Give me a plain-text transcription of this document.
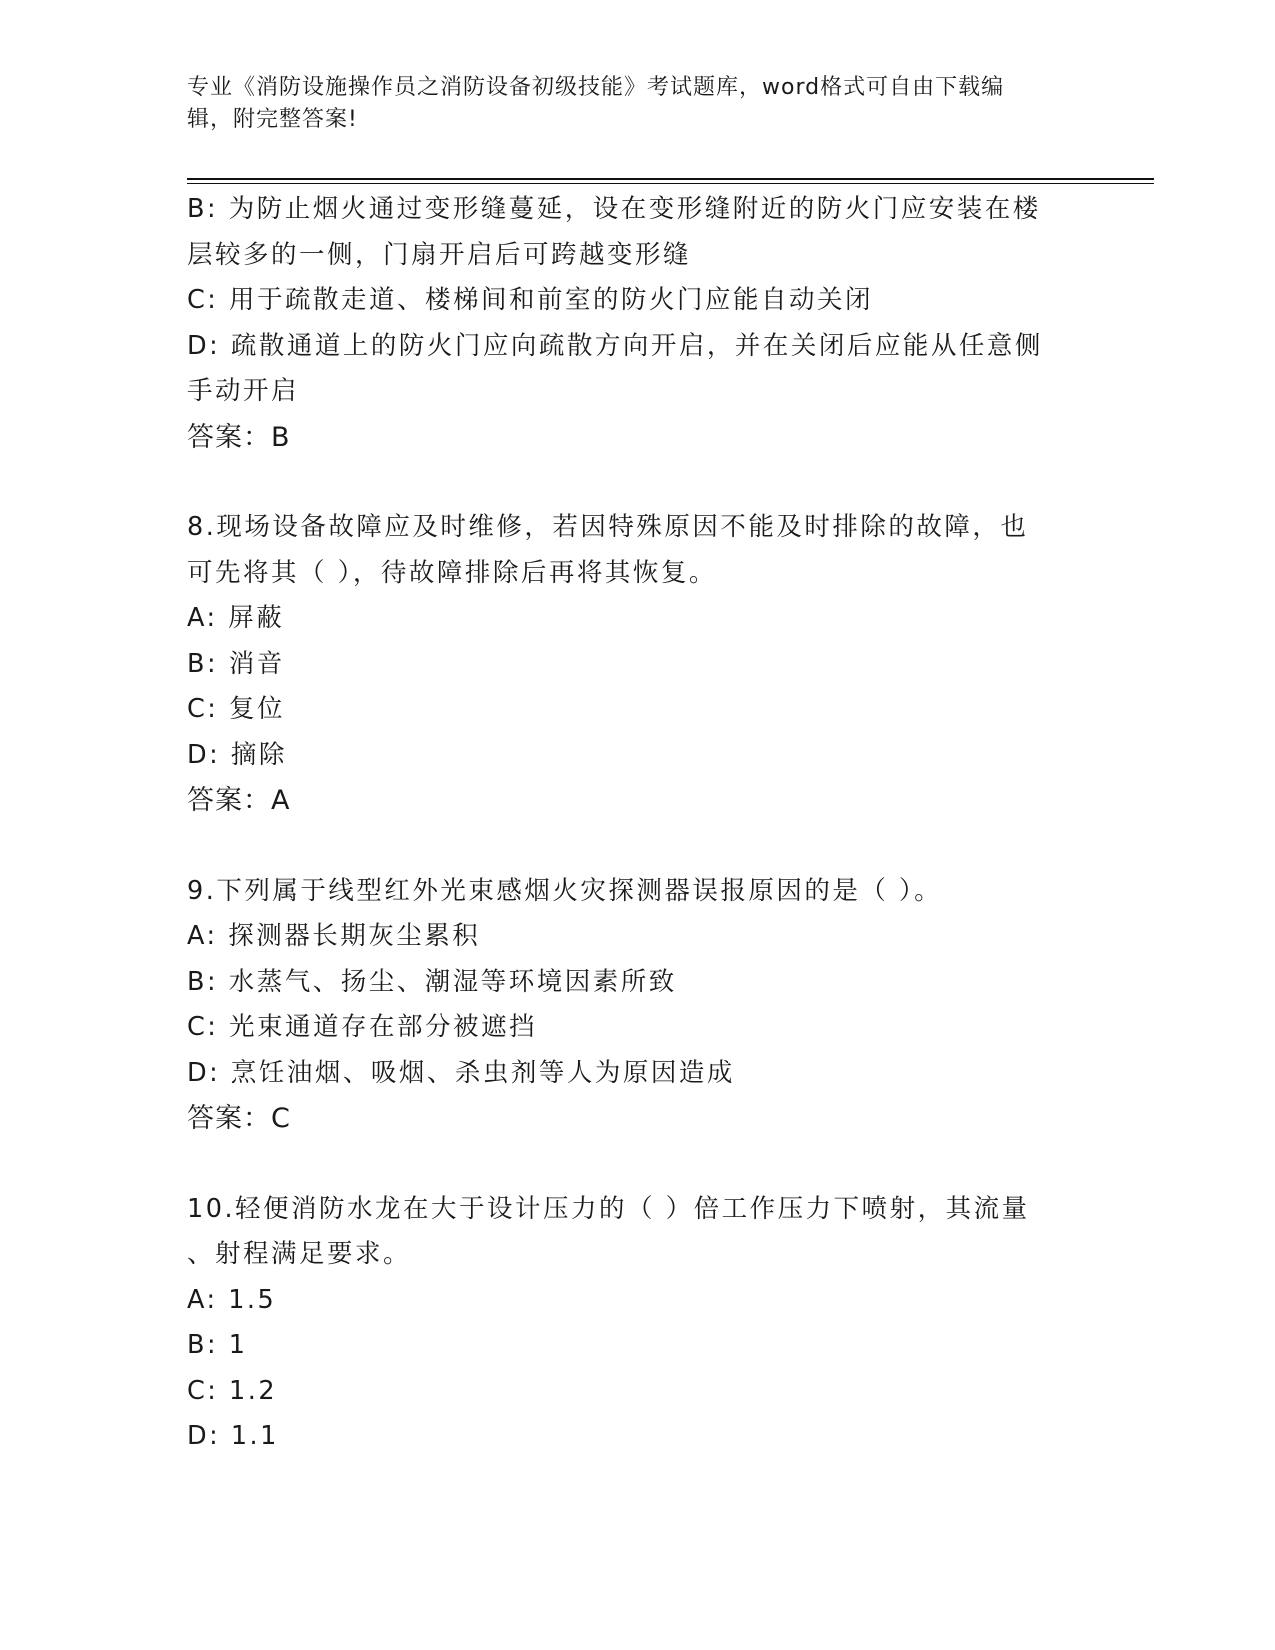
专业《消防设施操作员之消防设备初级技能》考试题库，word格式可自由下载编
辑，附完整答案!
B: 为防止烟火通过变形缝蔓延，设在变形缝附近的防火门应安装在楼
层较多的一侧，门扇开启后可跨越变形缝
C: 用于疏散走道、楼梯间和前室的防火门应能自动关闭
D: 疏散通道上的防火门应向疏散方向开启，并在关闭后应能从任意侧
手动开启
答案：B
8.现场设备故障应及时维修，若因特殊原因不能及时排除的故障，也
可先将其（ ），待故障排除后再将其恢复。
A: 屏蔽
B: 消音
C: 复位
D: 摘除
答案：A
9.下列属于线型红外光束感烟火灾探测器误报原因的是（ ）。
A: 探测器长期灰尘累积
B: 水蒸气、扬尘、潮湿等环境因素所致
C: 光束通道存在部分被遮挡
D: 烹饪油烟、吸烟、杀虫剂等人为原因造成
答案：C
10.轻便消防水龙在大于设计压力的（ ）倍工作压力下喷射，其流量
、射程满足要求。
A: 1.5
B: 1
C: 1.2
D: 1.1
